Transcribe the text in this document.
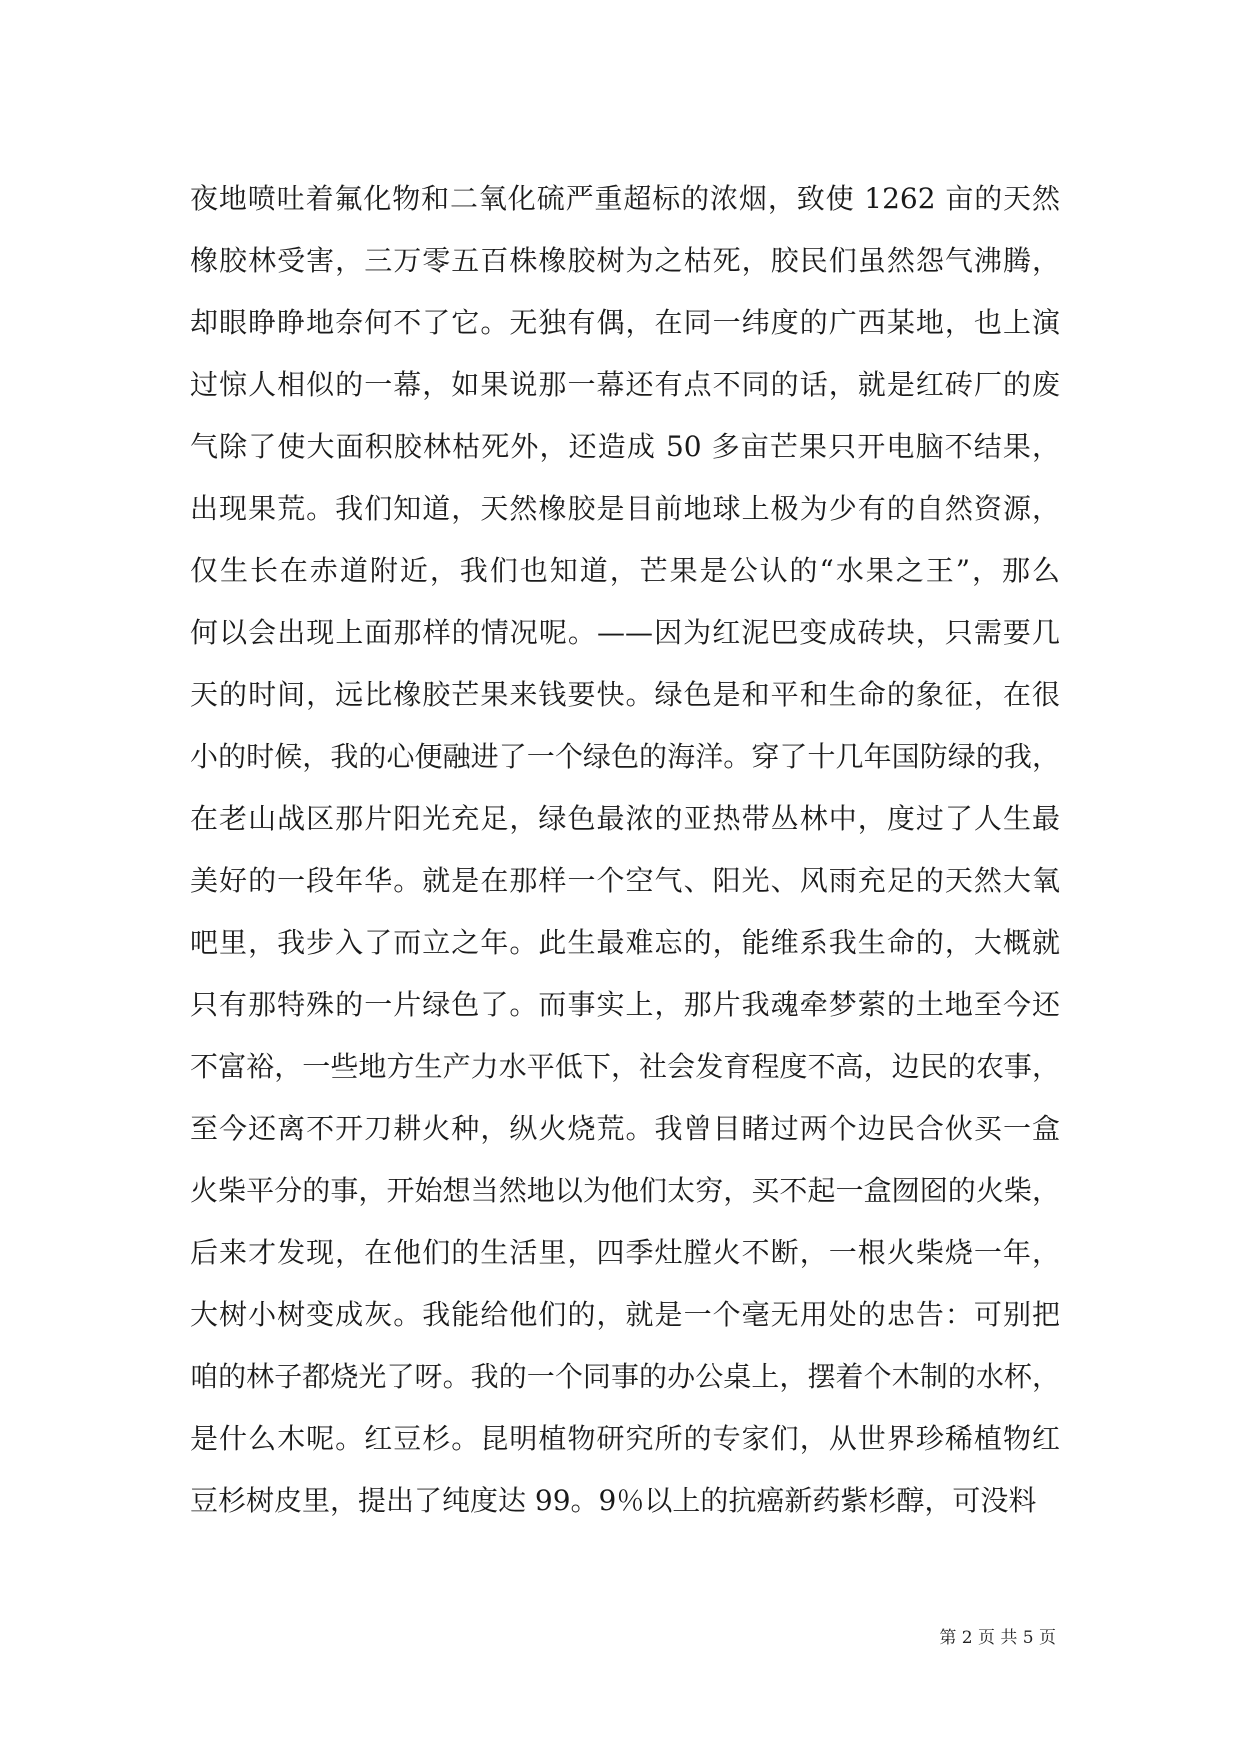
夜地喷吐着氟化物和二氧化硫严重超标的浓烟，致使 1262 亩的天然
橡胶林受害，三万零五百株橡胶树为之枯死，胶民们虽然怨气沸腾，
却眼睁睁地奈何不了它。无独有偶，在同一纬度的广西某地，也上演
过惊人相似的一幕，如果说那一幕还有点不同的话，就是红砖厂的废
气除了使大面积胶林枯死外，还造成 50 多亩芒果只开电脑不结果，
出现果荒。我们知道，天然橡胶是目前地球上极为少有的自然资源，
仅生长在赤道附近，我们也知道，芒果是公认的“水果之王”，那么
何以会出现上面那样的情况呢。——因为红泥巴变成砖块，只需要几
天的时间，远比橡胶芒果来钱要快。绿色是和平和生命的象征，在很
小的时候，我的心便融进了一个绿色的海洋。穿了十几年国防绿的我，
在老山战区那片阳光充足，绿色最浓的亚热带丛林中，度过了人生最
美好的一段年华。就是在那样一个空气、阳光、风雨充足的天然大氧
吧里，我步入了而立之年。此生最难忘的，能维系我生命的，大概就
只有那特殊的一片绿色了。而事实上，那片我魂牵梦萦的土地至今还
不富裕，一些地方生产力水平低下，社会发育程度不高，边民的农事，
至今还离不开刀耕火种，纵火烧荒。我曾目睹过两个边民合伙买一盒
火柴平分的事，开始想当然地以为他们太穷，买不起一盒囫囵的火柴，
后来才发现，在他们的生活里，四季灶膛火不断，一根火柴烧一年，
大树小树变成灰。我能给他们的，就是一个毫无用处的忠告：可别把
咱的林子都烧光了呀。我的一个同事的办公桌上，摆着个木制的水杯，
是什么木呢。红豆杉。昆明植物研究所的专家们，从世界珍稀植物红
豆杉树皮里，提出了纯度达 99。9％以上的抗癌新药紫杉醇，可没料
第 2 页 共 5 页
